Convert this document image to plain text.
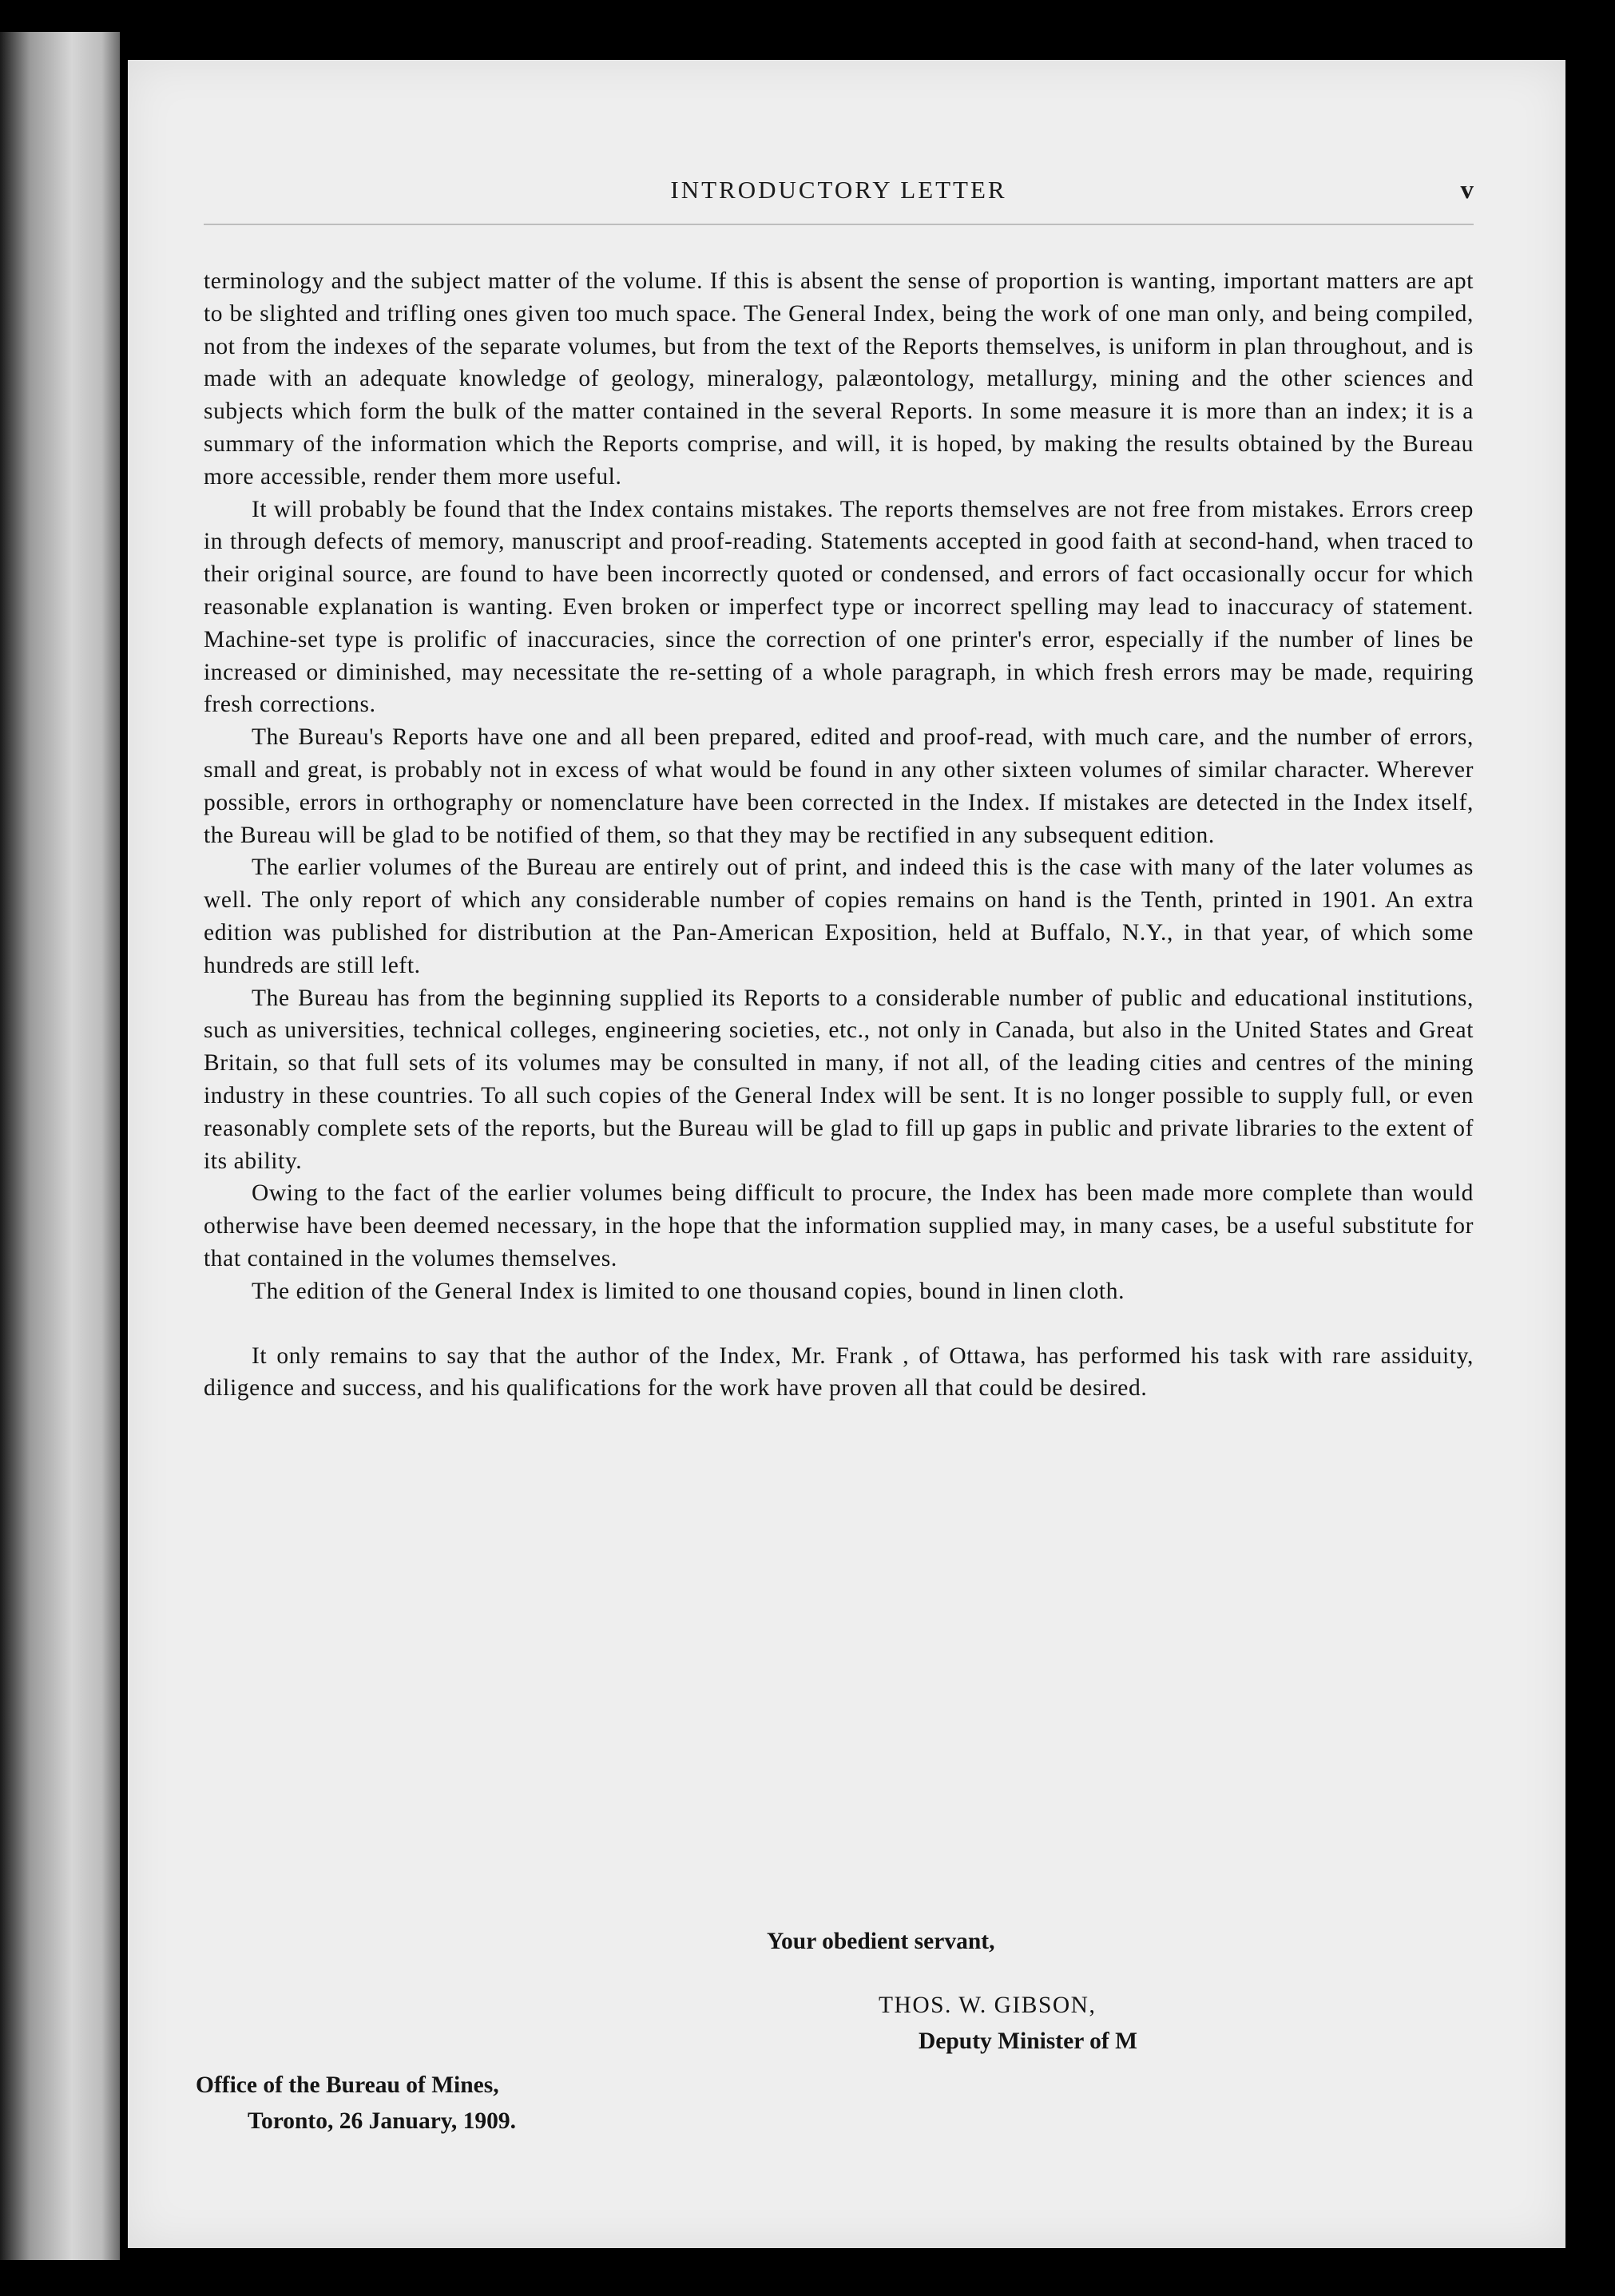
INTRODUCTORY LETTER	v

terminology and the subject matter of the volume. If this is absent the sense of proportion is wanting, important matters are apt to be slighted and trifling ones given too much space. The General Index, being the work of one man only, and being compiled, not from the indexes of the separate volumes, but from the text of the Reports themselves, is uniform in plan throughout, and is made with an adequate knowledge of geology, mineralogy, palæontology, metallurgy, mining and the other sciences and subjects which form the bulk of the matter contained in the several Reports. In some measure it is more than an index; it is a summary of the information which the Reports comprise, and will, it is hoped, by making the results obtained by the Bureau more accessible, render them more useful.

It will probably be found that the Index contains mistakes. The reports themselves are not free from mistakes. Errors creep in through defects of memory, manuscript and proof-reading. Statements accepted in good faith at second-hand, when traced to their original source, are found to have been incorrectly quoted or condensed, and errors of fact occasionally occur for which reasonable explanation is wanting. Even broken or imperfect type or incorrect spelling may lead to inaccuracy of statement. Machine-set type is prolific of inaccuracies, since the correction of one printer's error, especially if the number of lines be increased or diminished, may necessitate the re-setting of a whole paragraph, in which fresh errors may be made, requiring fresh corrections.

The Bureau's Reports have one and all been prepared, edited and proof-read, with much care, and the number of errors, small and great, is probably not in excess of what would be found in any other sixteen volumes of similar character. Wherever possible, errors in orthography or nomenclature have been corrected in the Index. If mistakes are detected in the Index itself, the Bureau will be glad to be notified of them, so that they may be rectified in any subsequent edition.

The earlier volumes of the Bureau are entirely out of print, and indeed this is the case with many of the later volumes as well. The only report of which any considerable number of copies remains on hand is the Tenth, printed in 1901. An extra edition was published for distribution at the Pan-American Exposition, held at Buffalo, N.Y., in that year, of which some hundreds are still left.

The Bureau has from the beginning supplied its Reports to a considerable number of public and educational institutions, such as universities, technical colleges, engineering societies, etc., not only in Canada, but also in the United States and Great Britain, so that full sets of its volumes may be consulted in many, if not all, of the leading cities and centres of the mining industry in these countries. To all such copies of the General Index will be sent. It is no longer possible to supply full, or even reasonably complete sets of the reports, but the Bureau will be glad to fill up gaps in public and private libraries to the extent of its ability.

Owing to the fact of the earlier volumes being difficult to procure, the Index has been made more complete than would otherwise have been deemed necessary, in the hope that the information supplied may, in many cases, be a useful substitute for that contained in the volumes themselves.

The edition of the General Index is limited to one thousand copies, bound in linen cloth.

It only remains to say that the author of the Index, Mr. Frank , of Ottawa, has performed his task with rare assiduity, diligence and success, and his qualifications for the work have proven all that could be desired.

Your obedient servant,
THOS. W. GIBSON,
Deputy Minister of M
Office of the Bureau of Mines,
Toronto, 26 January, 1909.
